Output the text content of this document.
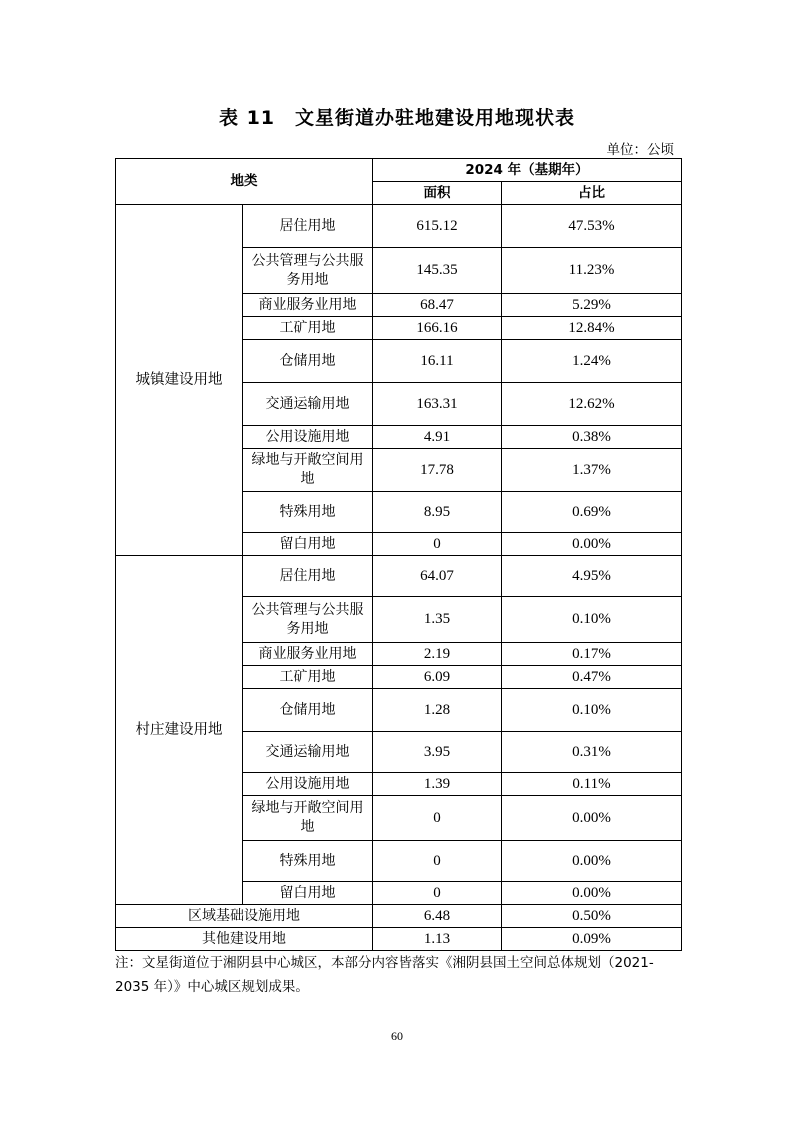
表 11 文星街道办驻地建设用地现状表
单位：公顷
地类		2024 年（基期年）	
		面积	占比
城镇建设用地	居住用地	615.12	47.53%
	公共管理与公共服务用地	145.35	11.23%
	商业服务业用地	68.47	5.29%
	工矿用地	166.16	12.84%
	仓储用地	16.11	1.24%
	交通运输用地	163.31	12.62%
	公用设施用地	4.91	0.38%
	绿地与开敞空间用地	17.78	1.37%
	特殊用地	8.95	0.69%
	留白用地	0	0.00%
村庄建设用地	居住用地	64.07	4.95%
	公共管理与公共服务用地	1.35	0.10%
	商业服务业用地	2.19	0.17%
	工矿用地	6.09	0.47%
	仓储用地	1.28	0.10%
	交通运输用地	3.95	0.31%
	公用设施用地	1.39	0.11%
	绿地与开敞空间用地	0	0.00%
	特殊用地	0	0.00%
	留白用地	0	0.00%
区域基础设施用地		6.48	0.50%
其他建设用地		1.13	0.09%
注：文星街道位于湘阴县中心城区，本部分内容皆落实《湘阴县国土空间总体规划（2021-2035 年）》中心城区规划成果。
60
